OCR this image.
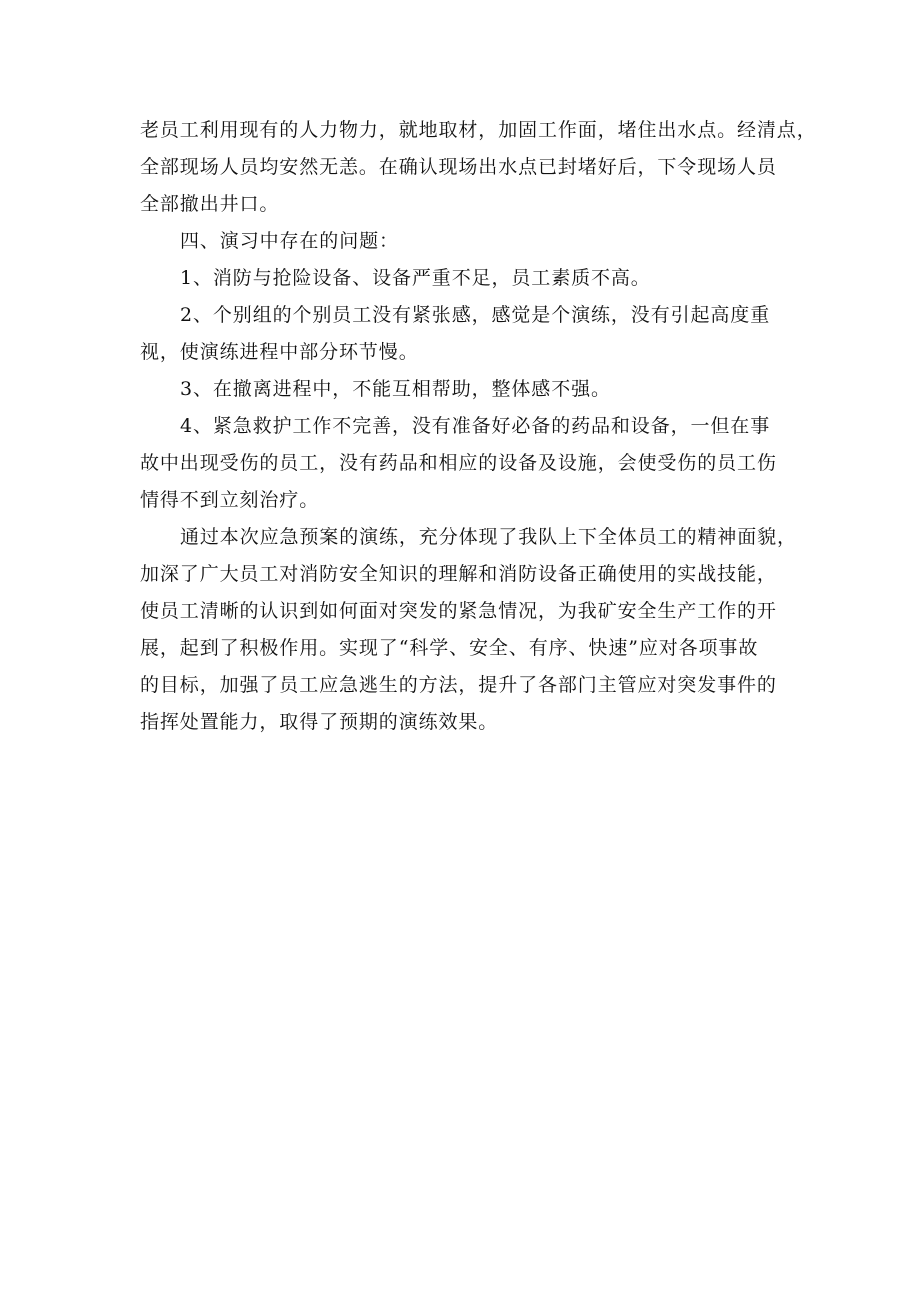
老员工利用现有的人力物力，就地取材，加固工作面，堵住出水点。经清点，
全部现场人员均安然无恙。在确认现场出水点已封堵好后，下令现场人员
全部撤出井口。

四、演习中存在的问题：

1、消防与抢险设备、设备严重不足，员工素质不高。

2、个别组的个别员工没有紧张感，感觉是个演练，没有引起高度重
视，使演练进程中部分环节慢。

3、在撤离进程中，不能互相帮助，整体感不强。

4、紧急救护工作不完善，没有准备好必备的药品和设备，一但在事
故中出现受伤的员工，没有药品和相应的设备及设施，会使受伤的员工伤
情得不到立刻治疗。

通过本次应急预案的演练，充分体现了我队上下全体员工的精神面貌，
加深了广大员工对消防安全知识的理解和消防设备正确使用的实战技能，
使员工清晰的认识到如何面对突发的紧急情况，为我矿安全生产工作的开
展，起到了积极作用。实现了“科学、安全、有序、快速”应对各项事故
的目标，加强了员工应急逃生的方法，提升了各部门主管应对突发事件的
指挥处置能力，取得了预期的演练效果。
